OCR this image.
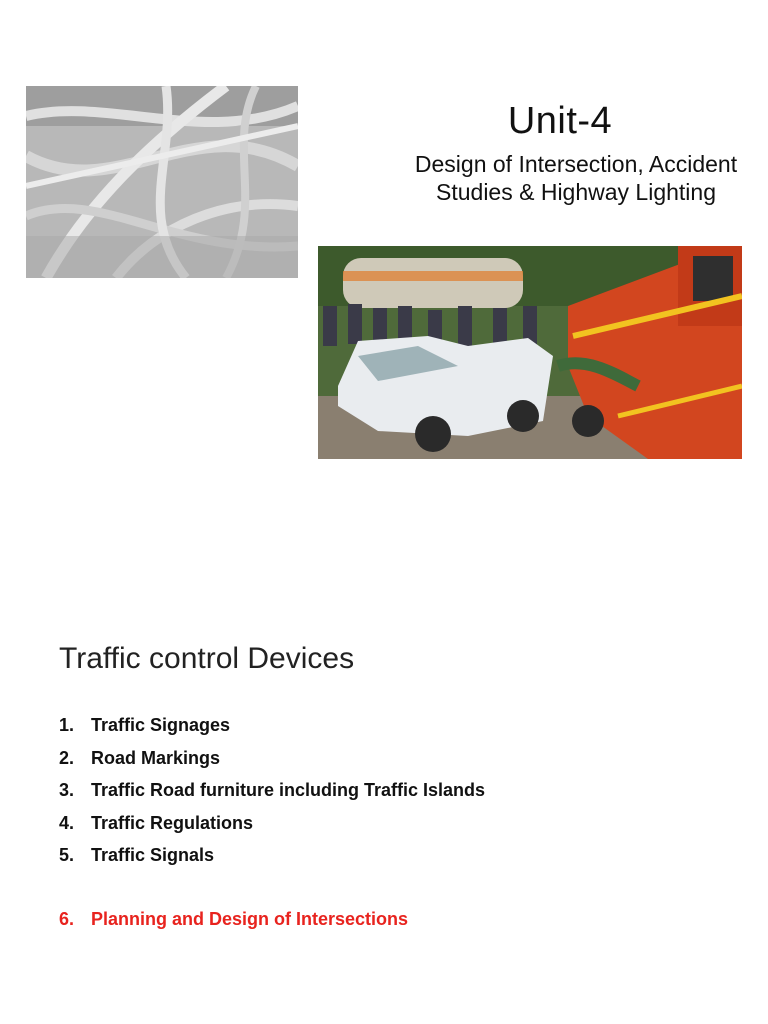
Unit-4
Design of Intersection, Accident
Studies & Highway Lighting
Traffic control Devices
1. Traffic Signages
2. Road Markings
3. Traffic Road furniture including Traffic Islands
4. Traffic Regulations
5. Traffic Signals
6. Planning and Design of Intersections
